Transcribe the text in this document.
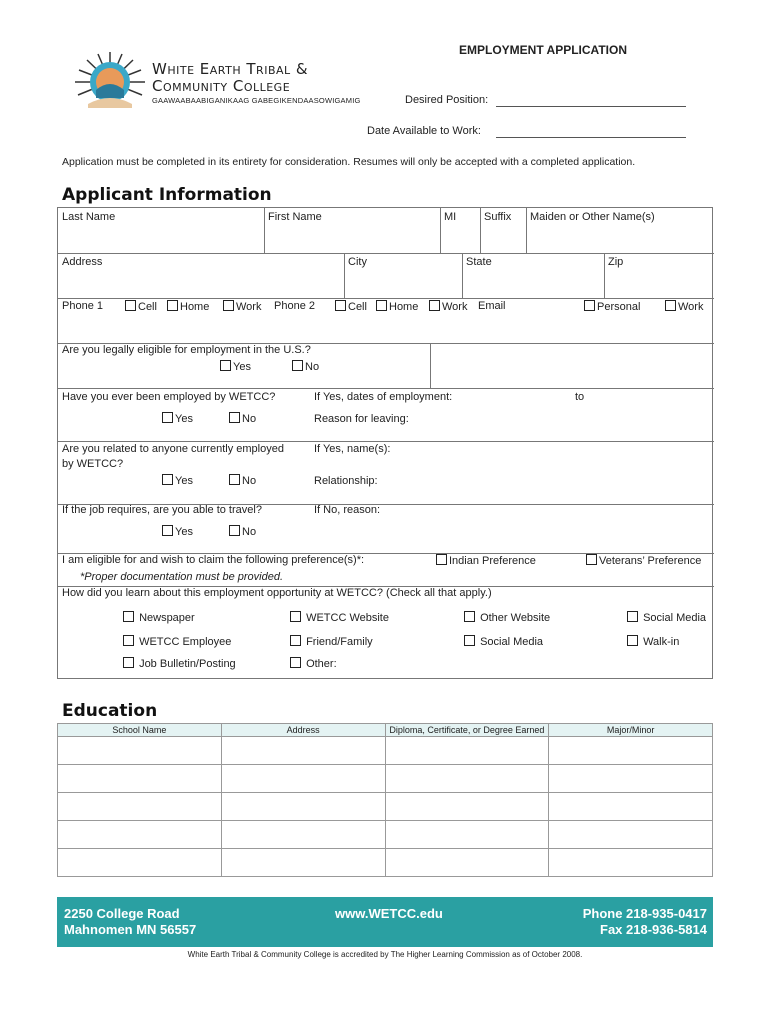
White Earth Tribal &
Community College
GAAWAABAABIGANIKAAG GABEGIKENDAASOWIGAMIG
EMPLOYMENT APPLICATION
Desired Position:
Date Available to Work:
Application must be completed in its entirety for consideration. Resumes will only be accepted with a completed application.
Applicant Information
Last Name	First Name	MI	Suffix Maiden or Other Name(s)
Address	City	State	Zip
Phone 1	Cell	Home	Work Phone 2	Cell	Home	Work Email	Personal	Work
Are you legally eligible for employment in the U.S.?
Yes	No
Have you ever been employed by WETCC?	If Yes, dates of employment:	to
Yes	No	Reason for leaving:
Are you related to anyone currently employed
by WETCC?
If Yes, name(s):
Yes	No	Relationship:
If the job requires, are you able to travel?	If No, reason:
Yes	No
I am eligible for and wish to claim the following preference(s)*:	Indian Preference	Veterans’ Preference
*Proper documentation must be provided.
How did you learn about this employment opportunity at WETCC? (Check all that apply.)
Newspaper	WETCC Website	Other Website	Social Media
WETCC Employee	Friend/Family	Social Media	Walk-in
Job Bulletin/Posting	Other:
Education
School Name	Address	Diploma, Certificate, or Degree Earned	Major/Minor

2250 College Road
Mahnomen MN 56557
www.WETCC.edu	Phone 218-935-0417
Fax 218-936-5814
White Earth Tribal & Community College is accredited by The Higher Learning Commission as of October 2008.
